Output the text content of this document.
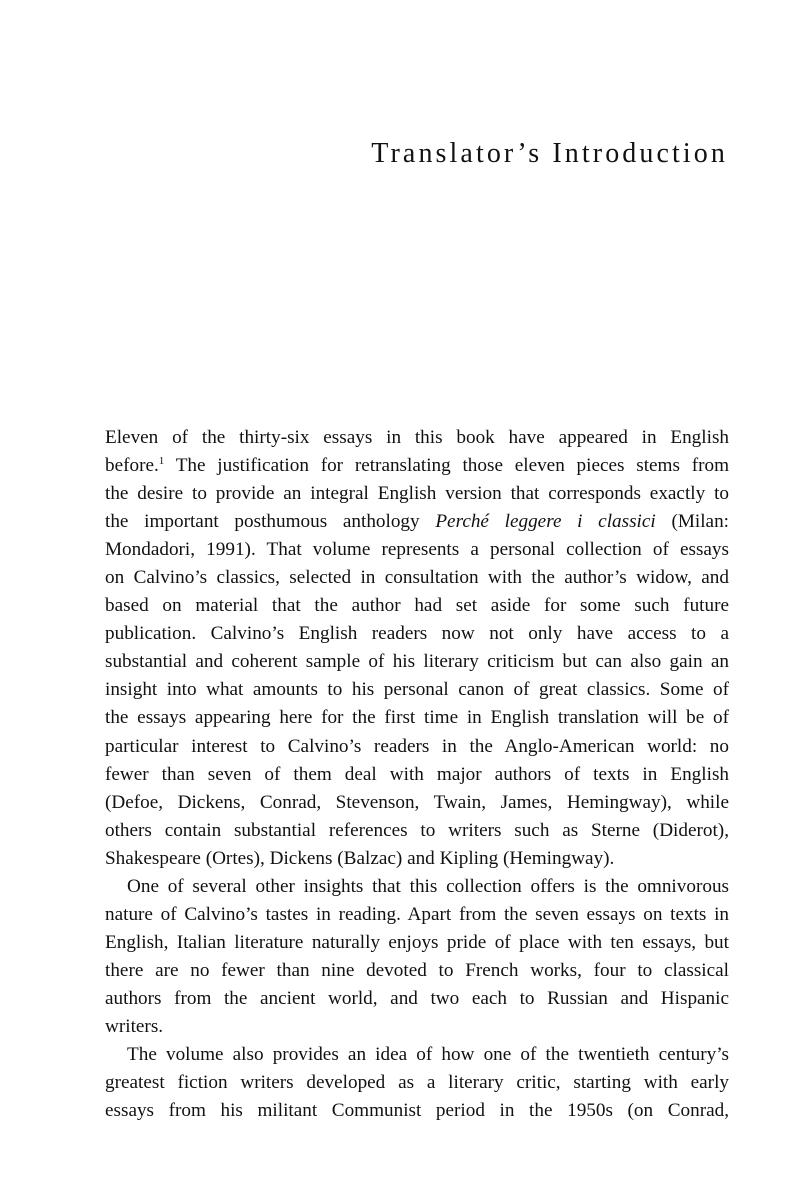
Translator’s Introduction
Eleven of the thirty-six essays in this book have appeared in English
before.$^1$ The justification for retranslating those eleven pieces stems from
the desire to provide an integral English version that corresponds exactly to
the important posthumous anthology Perché leggere i classici (Milan:
Mondadori, 1991). That volume represents a personal collection of essays
on Calvino’s classics, selected in consultation with the author’s widow, and
based on material that the author had set aside for some such future
publication. Calvino’s English readers now not only have access to a
substantial and coherent sample of his literary criticism but can also gain an
insight into what amounts to his personal canon of great classics. Some of
the essays appearing here for the first time in English translation will be of
particular interest to Calvino’s readers in the Anglo-American world: no
fewer than seven of them deal with major authors of texts in English
(Defoe, Dickens, Conrad, Stevenson, Twain, James, Hemingway), while
others contain substantial references to writers such as Sterne (Diderot),
Shakespeare (Ortes), Dickens (Balzac) and Kipling (Hemingway).
One of several other insights that this collection offers is the omnivorous
nature of Calvino’s tastes in reading. Apart from the seven essays on texts in
English, Italian literature naturally enjoys pride of place with ten essays, but
there are no fewer than nine devoted to French works, four to classical
authors from the ancient world, and two each to Russian and Hispanic
writers.
The volume also provides an idea of how one of the twentieth century’s
greatest fiction writers developed as a literary critic, starting with early
essays from his militant Communist period in the 1950s (on Conrad,
